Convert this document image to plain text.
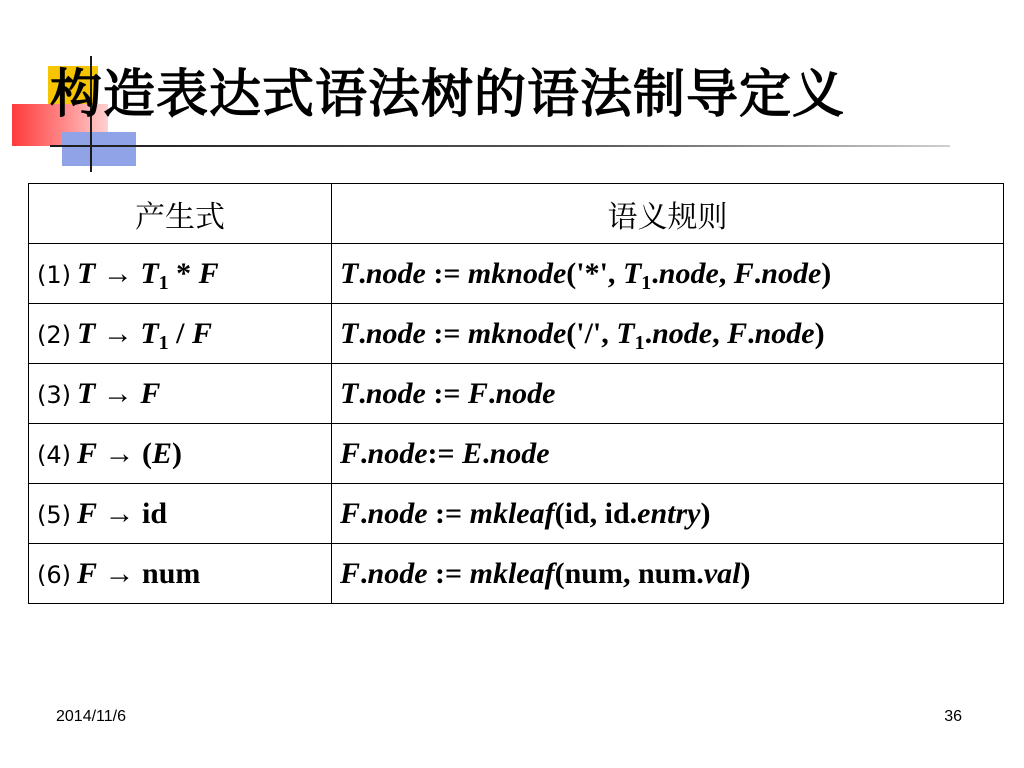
构造表达式语法树的语法制导定义
产生式	语义规则
(1) $T \to T_1 * F$	T.node := mknode('*', $T_1.node$, F.node)
(2) $T \to T_1 / F$	T.node := mknode('/', $T_1.node$, F.node)
(3) T → F	T.node := F.node
(4) F → (E)	F.node:= E.node
(5) F → id	F.node := mkleaf(id, id.entry)
(6) F → num	F.node := mkleaf(num, num.val)
2014/11/6	36
